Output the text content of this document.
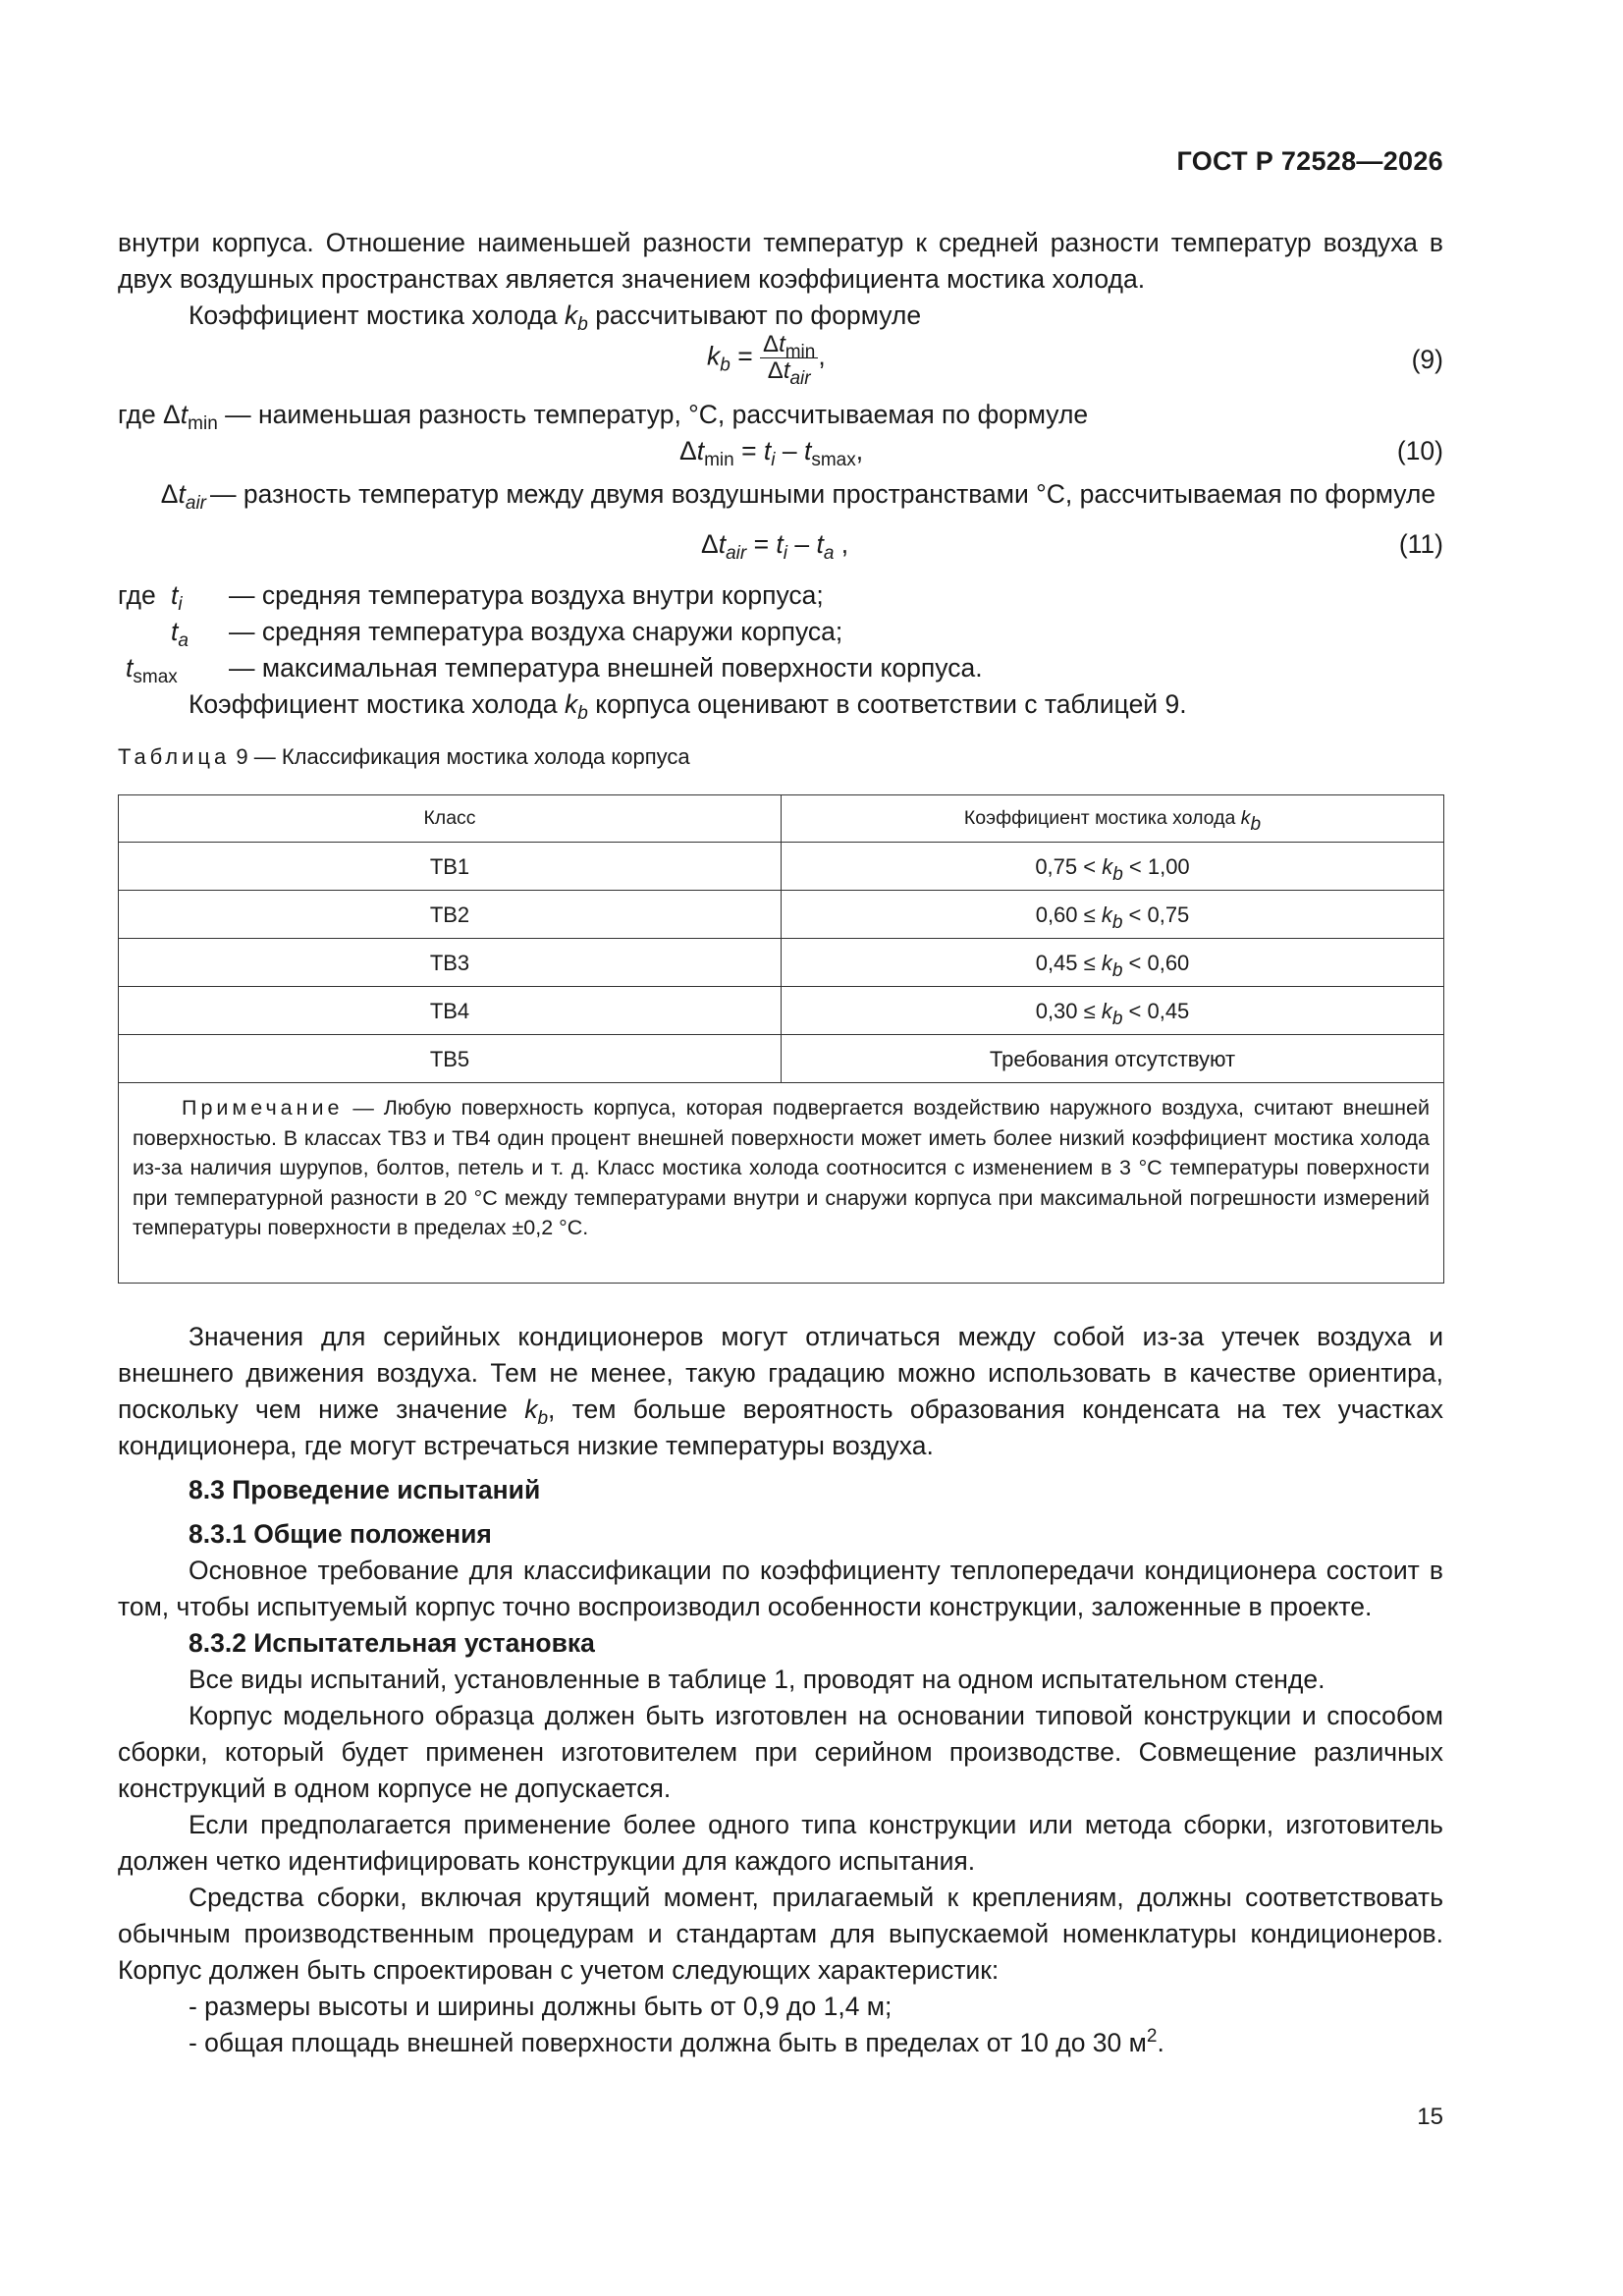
ГОСТ Р 72528—2026

внутри корпуса. Отношение наименьшей разности температур к средней разности температур воздуха в двух воздушных пространствах является значением коэффициента мостика холода.

Коэффициент мостика холода $k_b$ рассчитывают по формуле

$k_b = \frac{\Delta t_{min}}{\Delta t_{air}}$ ,	(9)

где $\Delta t_{min}$ — наименьшая разность температур, °С, рассчитываемая по формуле

$\Delta t_{min} = t_i - t_{smax}$,	(10)
$\Delta t_{air}$ — разность температур между двумя воздушными пространствами °С, рассчитываемая по формуле
$\Delta t_{air} = t_i - t_a$ ,	(11)
где $t_i$ — средняя температура воздуха внутри корпуса;
$t_a$ — средняя температура воздуха снаружи корпуса;
$t_{smax}$ — максимальная температура внешней поверхности корпуса.

Коэффициент мостика холода $k_b$ корпуса оценивают в соответствии с таблицей 9.

Таблица 9 — Классификация мостика холода корпуса
Класс	Коэффициент мостика холода $k_b$
ТВ1	$0,75 < k_b < 1,00$
ТВ2	$0,60 \le k_b < 0,75$
ТВ3	$0,45 \le k_b < 0,60$
ТВ4	$0,30 \le k_b < 0,45$
ТВ5	Требования отсутствуют
Примечание — Любую поверхность корпуса, которая подвергается воздействию наружного воздуха, считают внешней поверхностью. В классах ТВ3 и ТВ4 один процент внешней поверхности может иметь более низкий коэффициент мостика холода из-за наличия шурупов, болтов, петель и т. д. Класс мостика холода соотносится с изменением в 3 °С температуры поверхности при температурной разности в 20 °С между температурами внутри и снаружи корпуса при максимальной погрешности измерений температуры поверхности в пределах ±0,2 °С.	

Значения для серийных кондиционеров могут отличаться между собой из-за утечек воздуха и внешнего движения воздуха. Тем не менее, такую градацию можно использовать в качестве ориентира, поскольку чем ниже значение $k_b$, тем больше вероятность образования конденсата на тех участках кондиционера, где могут встречаться низкие температуры воздуха.

8.3 Проведение испытаний
8.3.1 Общие положения

Основное требование для классификации по коэффициенту теплопередачи кондиционера состоит в том, чтобы испытуемый корпус точно воспроизводил особенности конструкции, заложенные в проекте.

8.3.2 Испытательная установка

Все виды испытаний, установленные в таблице 1, проводят на одном испытательном стенде.

Корпус модельного образца должен быть изготовлен на основании типовой конструкции и способом сборки, который будет применен изготовителем при серийном производстве. Совмещение различных конструкций в одном корпусе не допускается.

Если предполагается применение более одного типа конструкции или метода сборки, изготовитель должен четко идентифицировать конструкции для каждого испытания.

Средства сборки, включая крутящий момент, прилагаемый к креплениям, должны соответствовать обычным производственным процедурам и стандартам для выпускаемой номенклатуры кондиционеров. Корпус должен быть спроектирован с учетом следующих характеристик:

- размеры высоты и ширины должны быть от 0,9 до 1,4 м;

- общая площадь внешней поверхности должна быть в пределах от 10 до 30 $м^2$.

15
